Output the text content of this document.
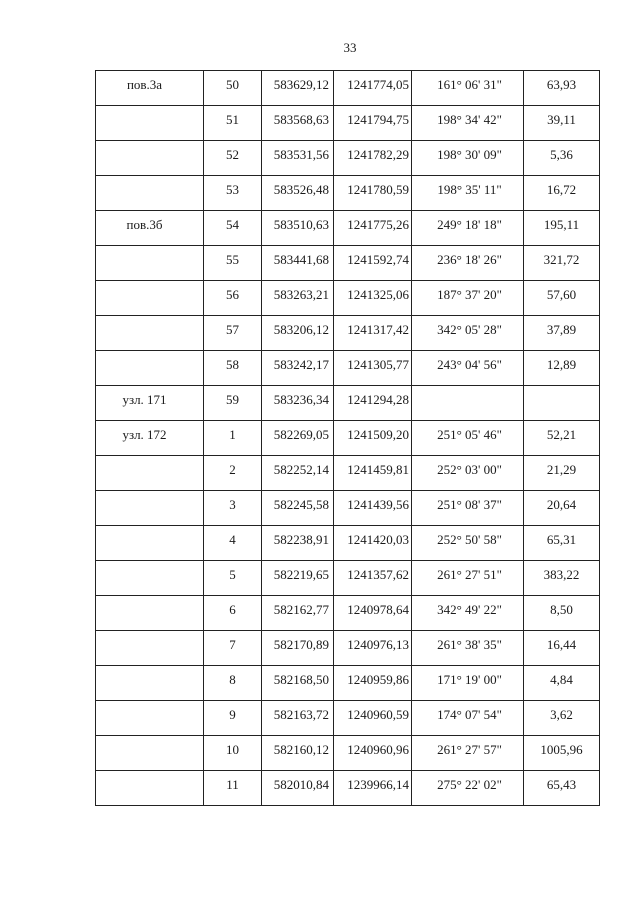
33
пов.3а	50	583629,12	1241774,05	161° 06' 31"	63,93
	51	583568,63	1241794,75	198° 34' 42"	39,11
	52	583531,56	1241782,29	198° 30' 09"	5,36
	53	583526,48	1241780,59	198° 35' 11"	16,72
пов.3б	54	583510,63	1241775,26	249° 18' 18"	195,11
	55	583441,68	1241592,74	236° 18' 26"	321,72
	56	583263,21	1241325,06	187° 37' 20"	57,60
	57	583206,12	1241317,42	342° 05' 28"	37,89
	58	583242,17	1241305,77	243° 04' 56"	12,89
узл. 171	59	583236,34	1241294,28		
узл. 172	1	582269,05	1241509,20	251° 05' 46"	52,21
	2	582252,14	1241459,81	252° 03' 00"	21,29
	3	582245,58	1241439,56	251° 08' 37"	20,64
	4	582238,91	1241420,03	252° 50' 58"	65,31
	5	582219,65	1241357,62	261° 27' 51"	383,22
	6	582162,77	1240978,64	342° 49' 22"	8,50
	7	582170,89	1240976,13	261° 38' 35"	16,44
	8	582168,50	1240959,86	171° 19' 00"	4,84
	9	582163,72	1240960,59	174° 07' 54"	3,62
	10	582160,12	1240960,96	261° 27' 57"	1005,96
	11	582010,84	1239966,14	275° 22' 02"	65,43
